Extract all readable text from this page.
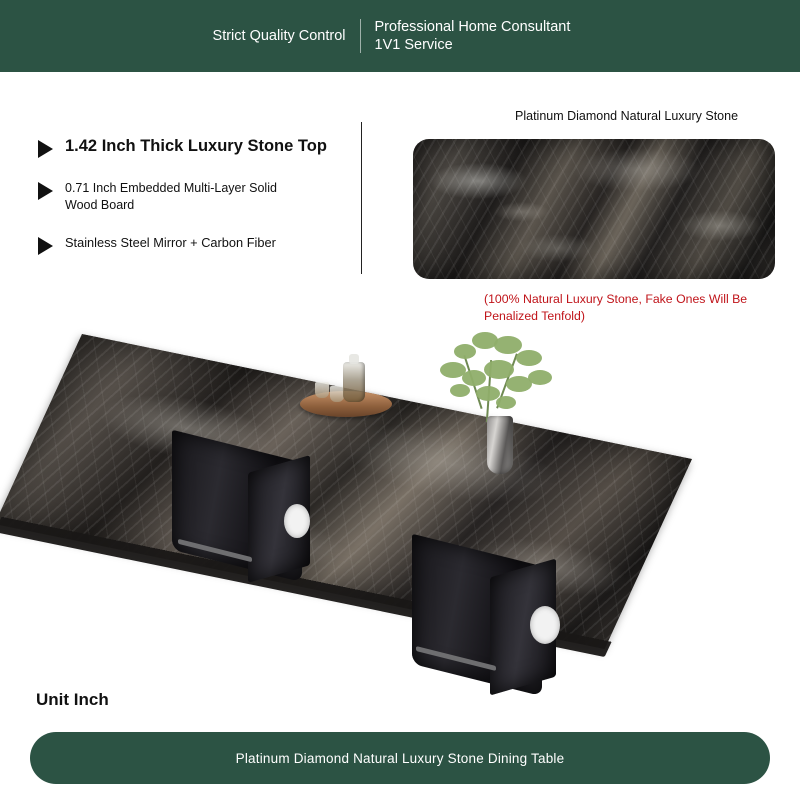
Strict Quality Control
Professional Home Consultant 1V1 Service
1.42 Inch Thick Luxury Stone Top
0.71 Inch Embedded Multi-Layer Solid Wood Board
Stainless Steel Mirror + Carbon Fiber
Platinum Diamond Natural Luxury Stone
(100% Natural Luxury Stone, Fake Ones Will Be Penalized Tenfold)
Unit Inch
Platinum Diamond Natural Luxury Stone Dining Table
